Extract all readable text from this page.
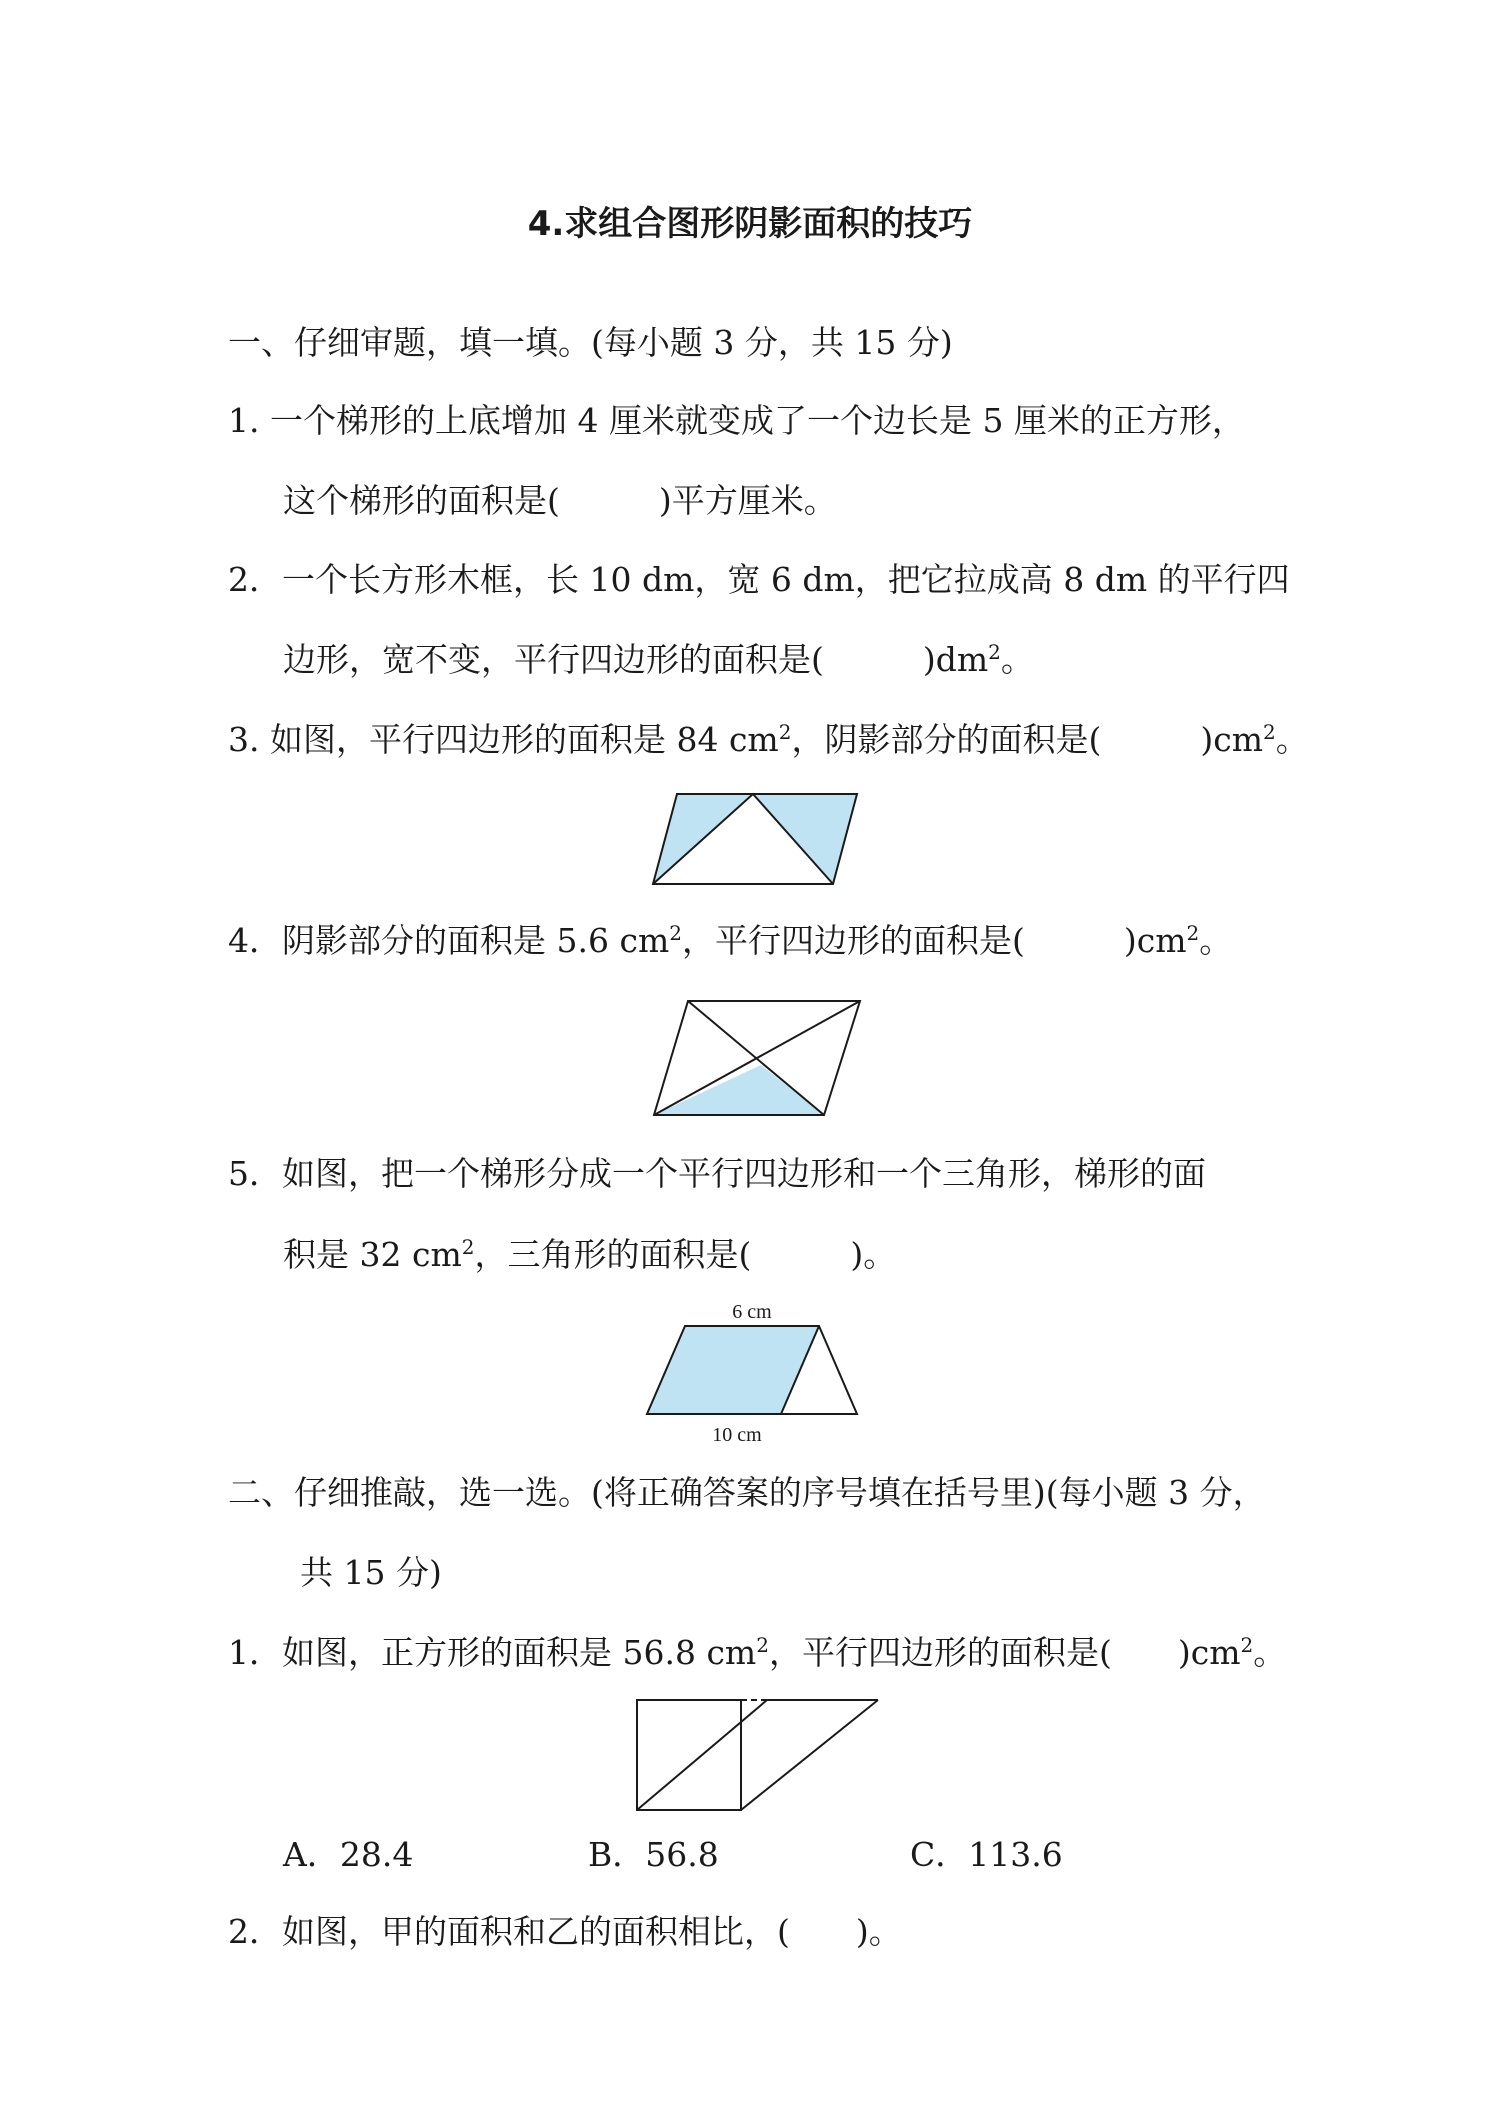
4.求组合图形阴影面积的技巧
一、仔细审题，填一填。(每小题 3 分，共 15 分)
1. 一个梯形的上底增加 4 厘米就变成了一个边长是 5 厘米的正方形，
这个梯形的面积是(　　　)平方厘米。
2．一个长方形木框，长 10 dm，宽 6 dm，把它拉成高 8 dm 的平行四
边形，宽不变，平行四边形的面积是(　　　)$dm^2$。
3. 如图，平行四边形的面积是 84 $cm^2$，阴影部分的面积是(　　　)$cm^2$。
4．阴影部分的面积是 5.6 $cm^2$，平行四边形的面积是(　　　)$cm^2$。
5．如图，把一个梯形分成一个平行四边形和一个三角形，梯形的面
积是 32 $cm^2$，三角形的面积是(　　　)。
6 cm
10 cm
二、仔细推敲，选一选。(将正确答案的序号填在括号里)(每小题 3 分，
共 15 分)
1．如图，正方形的面积是 56.8 $cm^2$，平行四边形的面积是(　　)$cm^2$。
A．28.4	B．56.8	C．113.6
2．如图，甲的面积和乙的面积相比，(　　)。
